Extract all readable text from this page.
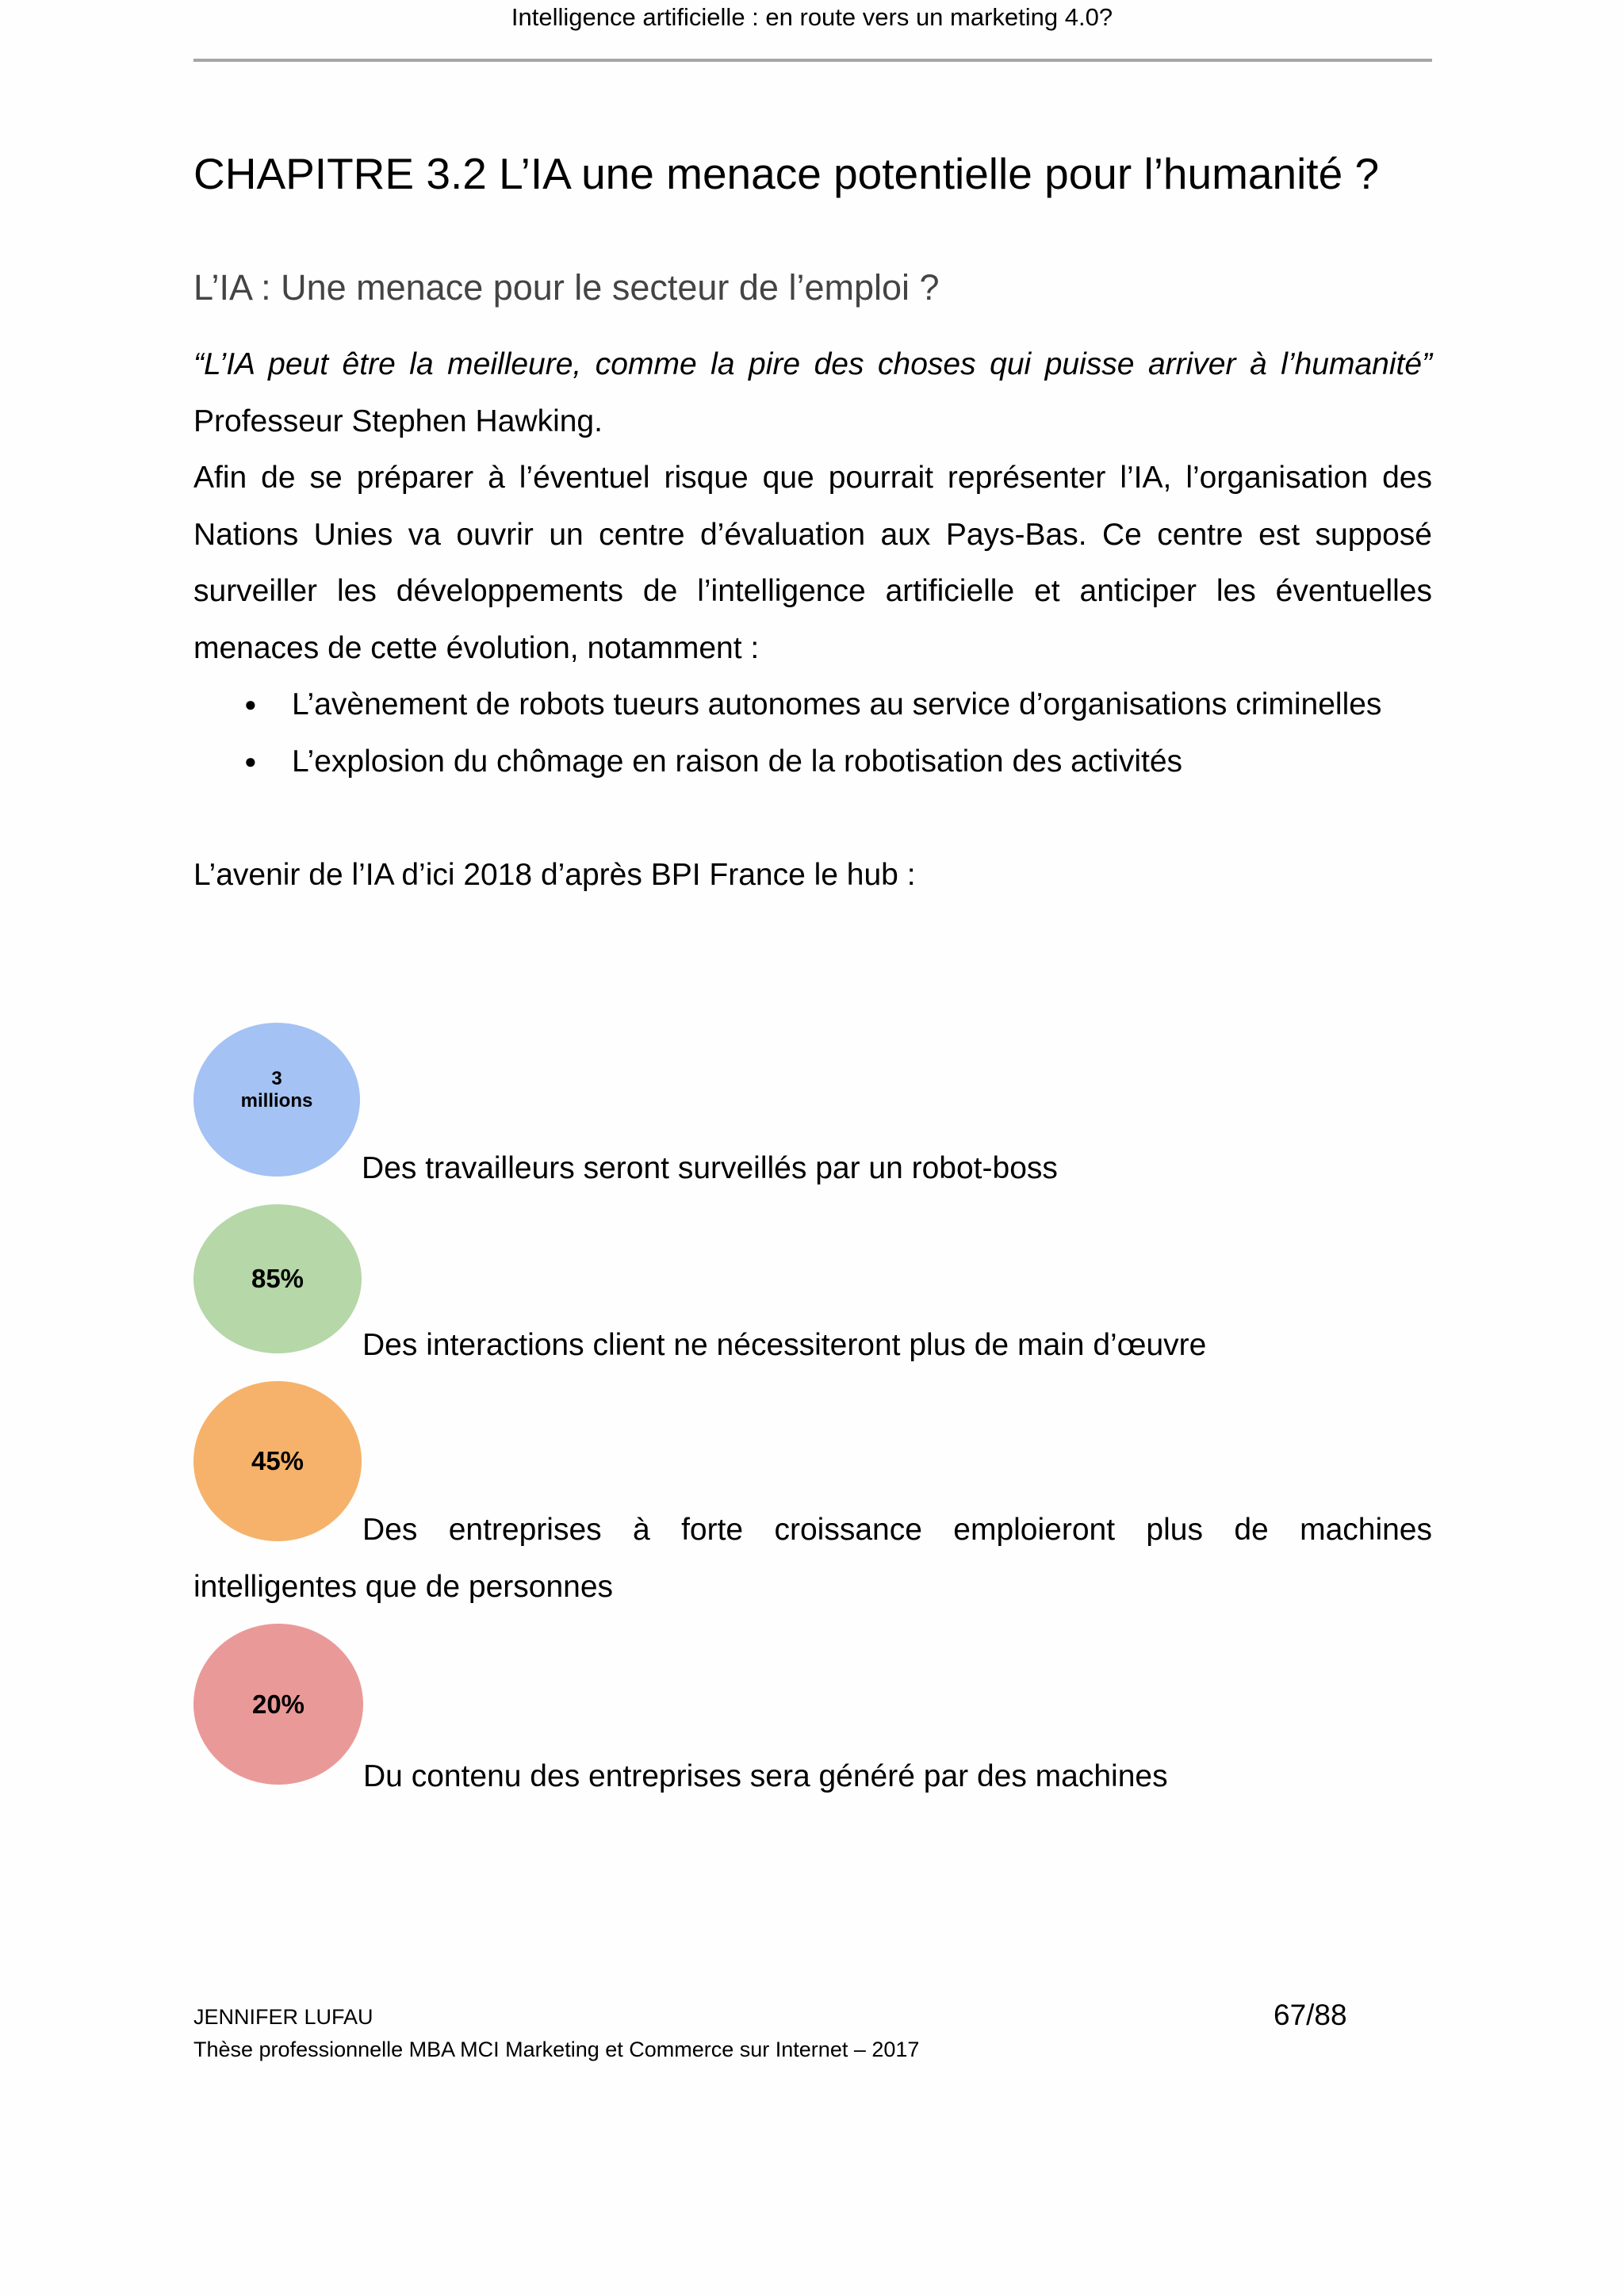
Intelligence artificielle : en route vers un marketing 4.0?
CHAPITRE 3.2 L’IA une menace potentielle pour l’humanité ?
L’IA : Une menace pour le secteur de l’emploi ?

“L’IA peut être la meilleure, comme la pire des choses qui puisse arriver à l’humanité”

Professeur Stephen Hawking.

Afin de se préparer à l’éventuel risque que pourrait représenter l’IA, l’organisation des Nations Unies va ouvrir un centre d’évaluation aux Pays-Bas. Ce centre est supposé surveiller les développements de l’intelligence artificielle et anticiper les éventuelles menaces de cette évolution, notamment :

● L’avènement de robots tueurs autonomes au service d’organisations criminelles
● L’explosion du chômage en raison de la robotisation des activités

L’avenir de l’IA d’ici 2018 d’après BPI France le hub :

3 millions
Des travailleurs seront surveillés par un robot-boss
85%
Des interactions client ne nécessiteront plus de main d’œuvre
45%
Des entreprises à forte croissance emploieront plus de machines
intelligentes que de personnes
20%
Du contenu des entreprises sera généré par des machines
JENNIFER LUFAU
Thèse professionnelle MBA MCI Marketing et Commerce sur Internet – 2017
67/88
